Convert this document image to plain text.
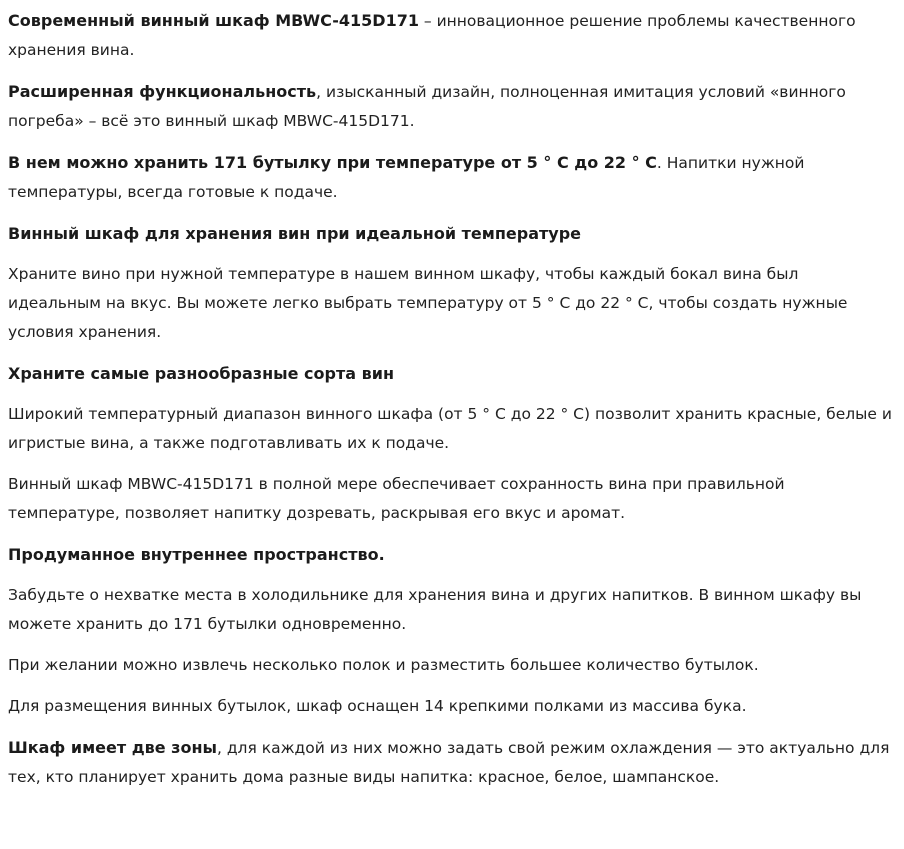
Современный винный шкаф MBWC-415D171 – инновационное решение проблемы качественного хранения вина.

Расширенная функциональность, изысканный дизайн, полноценная имитация условий «винного погреба» – всё это винный шкаф MBWC-415D171.

В нем можно хранить 171 бутылку при температуре от 5 ° С до 22 ° С. Напитки нужной температуры, всегда готовые к подаче.

Винный шкаф для хранения вин при идеальной температуре

Храните вино при нужной температуре в нашем винном шкафу, чтобы каждый бокал вина был идеальным на вкус. Вы можете легко выбрать температуру от 5 ° С до 22 ° С, чтобы создать нужные условия хранения.

Храните самые разнообразные сорта вин

Широкий температурный диапазон винного шкафа (от 5 ° С до 22 ° С) позволит хранить красные, белые и игристые вина, а также подготавливать их к подаче.

Винный шкаф MBWC-415D171 в полной мере обеспечивает сохранность вина при правильной температуре, позволяет напитку дозревать, раскрывая его вкус и аромат.

Продуманное внутреннее пространство.

Забудьте о нехватке места в холодильнике для хранения вина и других напитков. В винном шкафу вы можете хранить до 171 бутылки одновременно.

При желании можно извлечь несколько полок и разместить большее количество бутылок.

Для размещения винных бутылок, шкаф оснащен 14 крепкими полками из массива бука.

Шкаф имеет две зоны, для каждой из них можно задать свой режим охлаждения — это актуально для тех, кто планирует хранить дома разные виды напитка: красное, белое, шампанское.
